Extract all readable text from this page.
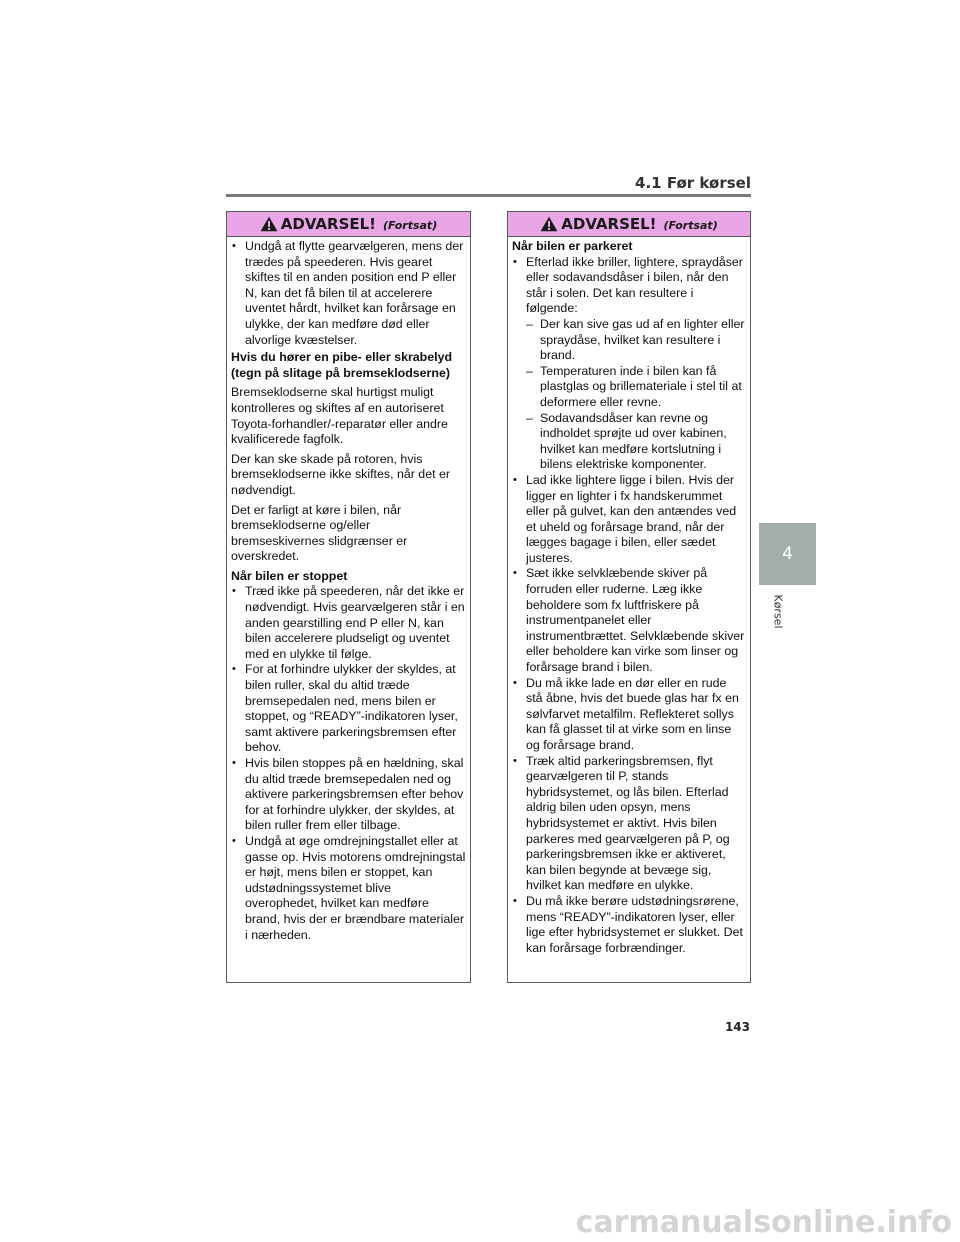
4.1 Før kørsel
ADVARSEL! (Fortsat)
• Undgå at flytte gearvælgeren, mens der trædes på speederen. Hvis gearet skiftes til en anden position end P eller N, kan det få bilen til at accelerere uventet hårdt, hvilket kan forårsage en ulykke, der kan medføre død eller alvorlige kvæstelser.
Hvis du hører en pibe- eller skrabelyd (tegn på slitage på bremseklodserne)

Bremseklodserne skal hurtigst muligt kontrolleres og skiftes af en autoriseret Toyota-forhandler/-reparatør eller andre kvalificerede fagfolk.

Der kan ske skade på rotoren, hvis bremseklodserne ikke skiftes, når det er nødvendigt.

Det er farligt at køre i bilen, når bremseklodserne og/eller bremseskivernes slidgrænser er overskredet.

Når bilen er stoppet
• Træd ikke på speederen, når det ikke er nødvendigt. Hvis gearvælgeren står i en anden gearstilling end P eller N, kan bilen accelerere pludseligt og uventet med en ulykke til følge.
• For at forhindre ulykker der skyldes, at bilen ruller, skal du altid træde bremsepedalen ned, mens bilen er stoppet, og “READY”-indikatoren lyser, samt aktivere parkeringsbremsen efter behov.
• Hvis bilen stoppes på en hældning, skal du altid træde bremsepedalen ned og aktivere parkeringsbremsen efter behov for at forhindre ulykker, der skyldes, at bilen ruller frem eller tilbage.
• Undgå at øge omdrejningstallet eller at gasse op. Hvis motorens omdrejningstal er højt, mens bilen er stoppet, kan udstødningssystemet blive overophedet, hvilket kan medføre brand, hvis der er brændbare materialer i nærheden.
ADVARSEL! (Fortsat)
Når bilen er parkeret
• Efterlad ikke briller, lightere, spraydåser eller sodavandsdåser i bilen, når den står i solen. Det kan resultere i følgende:
– Der kan sive gas ud af en lighter eller spraydåse, hvilket kan resultere i brand.
– Temperaturen inde i bilen kan få plastglas og brillemateriale i stel til at deformere eller revne.
– Sodavandsdåser kan revne og indholdet sprøjte ud over kabinen, hvilket kan medføre kortslutning i bilens elektriske komponenter.
• Lad ikke lightere ligge i bilen. Hvis der ligger en lighter i fx handskerummet eller på gulvet, kan den antændes ved et uheld og forårsage brand, når der lægges bagage i bilen, eller sædet justeres.
• Sæt ikke selvklæbende skiver på forruden eller ruderne. Læg ikke beholdere som fx luftfriskere på instrumentpanelet eller instrumentbrættet. Selvklæbende skiver eller beholdere kan virke som linser og forårsage brand i bilen.
• Du må ikke lade en dør eller en rude stå åbne, hvis det buede glas har fx en sølvfarvet metalfilm. Reflekteret sollys kan få glasset til at virke som en linse og forårsage brand.
• Træk altid parkeringsbremsen, flyt gearvælgeren til P, stands hybridsystemet, og lås bilen. Efterlad aldrig bilen uden opsyn, mens hybridsystemet er aktivt. Hvis bilen parkeres med gearvælgeren på P, og parkeringsbremsen ikke er aktiveret, kan bilen begynde at bevæge sig, hvilket kan medføre en ulykke.
• Du må ikke berøre udstødningsrørene, mens “READY”-indikatoren lyser, eller lige efter hybridsystemet er slukket. Det kan forårsage forbrændinger.
4
Kørsel
143
carmanualsonline.info
